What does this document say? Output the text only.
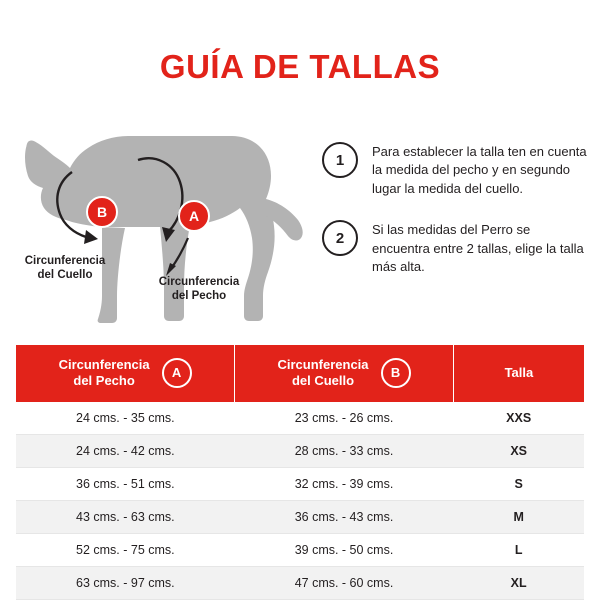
GUÍA DE TALLAS
B	A
Circunferencia
del Cuello
Circunferencia
del Pecho
1	Para establecer la talla ten en cuenta la medida del pecho y en segundo lugar la medida del cuello.
2	Si las medidas del Perro se encuentra entre 2 tallas, elige la talla más alta.
Circunferencia
del Pecho
A

Circunferencia
del Cuello
B	Talla

24 cms. - 35 cms.	23 cms. - 26 cms.	XXS
24 cms. - 42 cms.	28 cms. - 33 cms.	XS
36 cms. - 51 cms.	32 cms. - 39 cms.	S
43 cms. - 63 cms.	36 cms. - 43 cms.	M
52 cms. - 75 cms.	39 cms. - 50 cms.	L
63 cms. - 97 cms.	47 cms. - 60 cms.	XL
